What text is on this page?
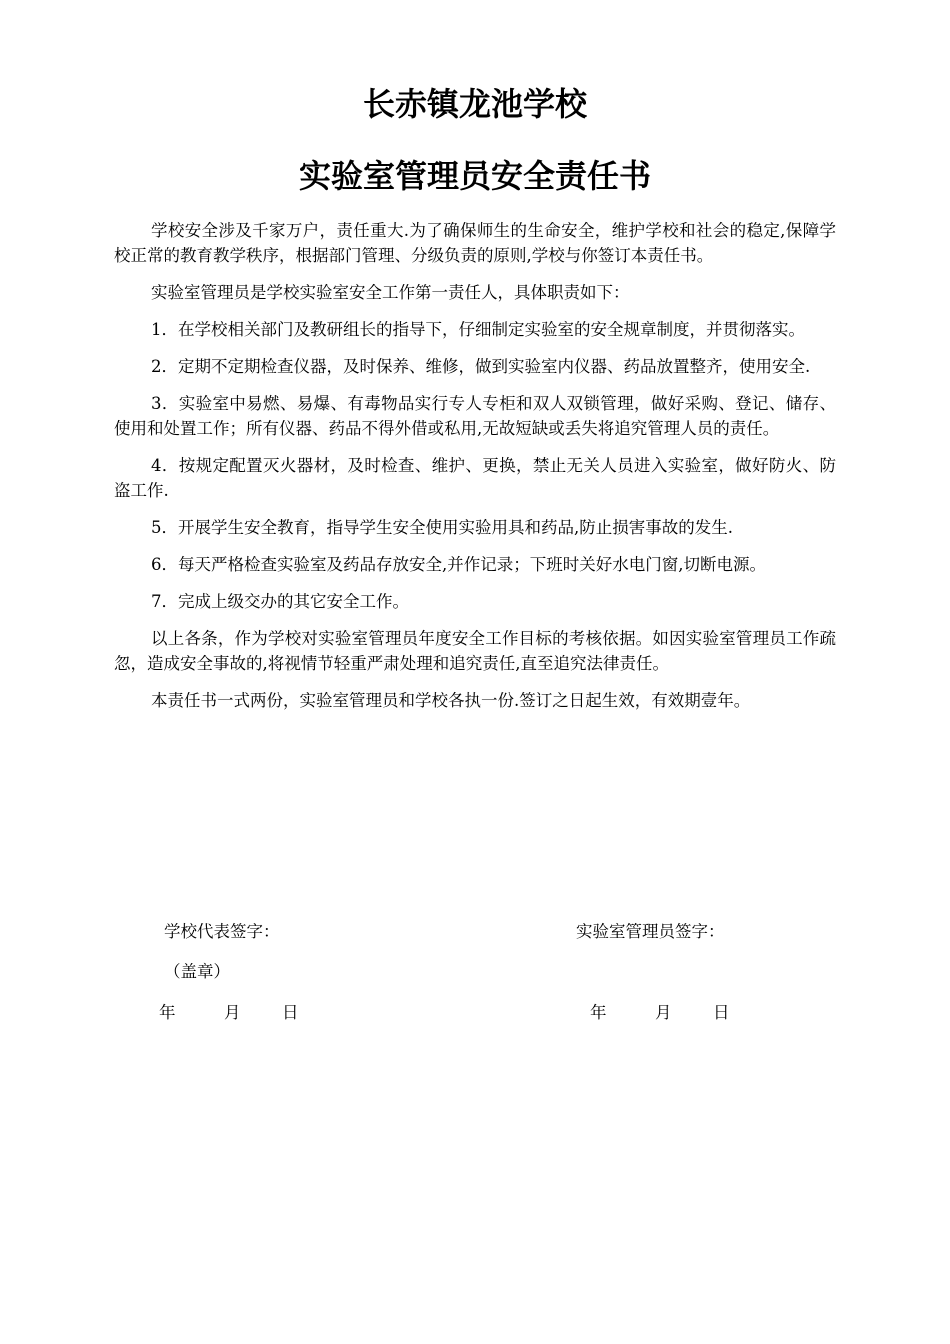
长赤镇龙池学校
实验室管理员安全责任书

学校安全涉及千家万户，责任重大.为了确保师生的生命安全，维护学校和社会的稳定,保障学校正常的教育教学秩序，根据部门管理、分级负责的原则,学校与你签订本责任书。

实验室管理员是学校实验室安全工作第一责任人，具体职责如下：

1．在学校相关部门及教研组长的指导下，仔细制定实验室的安全规章制度，并贯彻落实。

2．定期不定期检查仪器，及时保养、维修，做到实验室内仪器、药品放置整齐，使用安全.

3．实验室中易燃、易爆、有毒物品实行专人专柜和双人双锁管理，做好采购、登记、储存、使用和处置工作；所有仪器、药品不得外借或私用,无故短缺或丢失将追究管理人员的责任。

4．按规定配置灭火器材，及时检查、维护、更换，禁止无关人员进入实验室，做好防火、防盗工作.

5．开展学生安全教育，指导学生安全使用实验用具和药品,防止损害事故的发生.

6．每天严格检查实验室及药品存放安全,并作记录；下班时关好水电门窗,切断电源。

7．完成上级交办的其它安全工作。

以上各条，作为学校对实验室管理员年度安全工作目标的考核依据。如因实验室管理员工作疏忽，造成安全事故的,将视情节轻重严肃处理和追究责任,直至追究法律责任。

本责任书一式两份，实验室管理员和学校各执一份.签订之日起生效，有效期壹年。

学校代表签字：	实验室管理员签字：
（盖章）
年	月	日	年	月	日
